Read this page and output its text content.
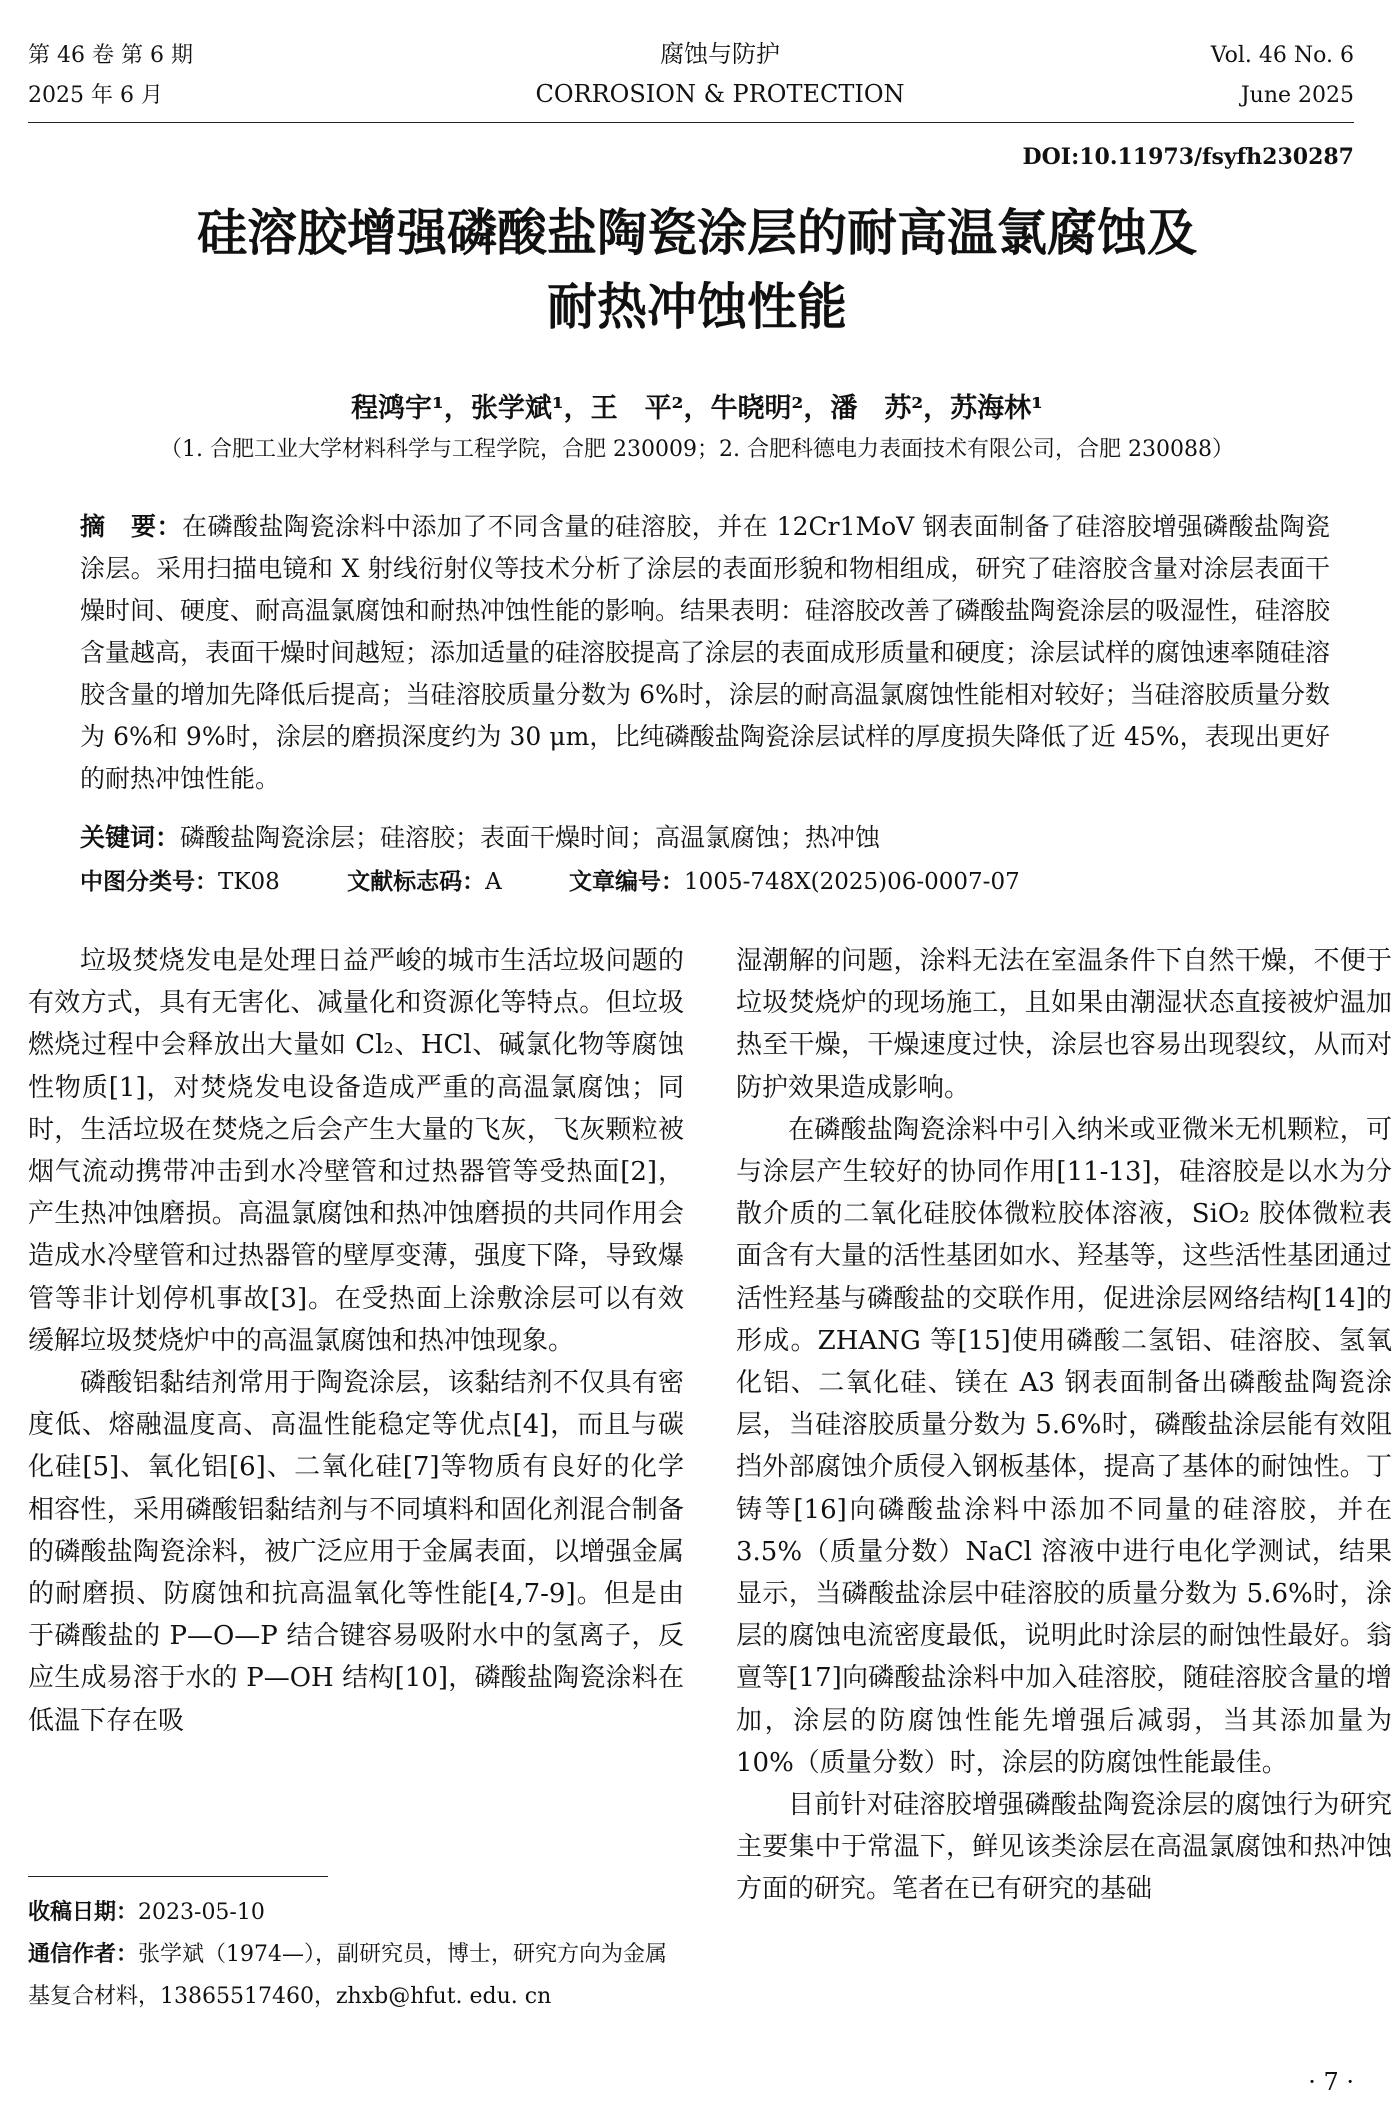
第 46 卷 第 6 期
2025 年 6 月
腐蚀与防护
CORROSION & PROTECTION
Vol. 46 No. 6
June 2025
DOI:10.11973/fsyfh230287
硅溶胶增强磷酸盐陶瓷涂层的耐高温氯腐蚀及
耐热冲蚀性能
程鸿宇¹，张学斌¹，王　平²，牛晓明²，潘　苏²，苏海林¹
（1. 合肥工业大学材料科学与工程学院，合肥 230009；2. 合肥科德电力表面技术有限公司，合肥 230088）
摘　要：在磷酸盐陶瓷涂料中添加了不同含量的硅溶胶，并在 12Cr1MoV 钢表面制备了硅溶胶增强磷酸盐陶瓷涂层。采用扫描电镜和 X 射线衍射仪等技术分析了涂层的表面形貌和物相组成，研究了硅溶胶含量对涂层表面干燥时间、硬度、耐高温氯腐蚀和耐热冲蚀性能的影响。结果表明：硅溶胶改善了磷酸盐陶瓷涂层的吸湿性，硅溶胶含量越高，表面干燥时间越短；添加适量的硅溶胶提高了涂层的表面成形质量和硬度；涂层试样的腐蚀速率随硅溶胶含量的增加先降低后提高；当硅溶胶质量分数为 6%时，涂层的耐高温氯腐蚀性能相对较好；当硅溶胶质量分数为 6%和 9%时，涂层的磨损深度约为 30 μm，比纯磷酸盐陶瓷涂层试样的厚度损失降低了近 45%，表现出更好的耐热冲蚀性能。
关键词：磷酸盐陶瓷涂层；硅溶胶；表面干燥时间；高温氯腐蚀；热冲蚀
中图分类号：TK08	文献标志码：A	文章编号：1005-748X(2025)06-0007-07

垃圾焚烧发电是处理日益严峻的城市生活垃圾问题的有效方式，具有无害化、减量化和资源化等特点。但垃圾燃烧过程中会释放出大量如 Cl₂、HCl、碱氯化物等腐蚀性物质[1]，对焚烧发电设备造成严重的高温氯腐蚀；同时，生活垃圾在焚烧之后会产生大量的飞灰，飞灰颗粒被烟气流动携带冲击到水冷壁管和过热器管等受热面[2]，产生热冲蚀磨损。高温氯腐蚀和热冲蚀磨损的共同作用会造成水冷壁管和过热器管的壁厚变薄，强度下降，导致爆管等非计划停机事故[3]。在受热面上涂敷涂层可以有效缓解垃圾焚烧炉中的高温氯腐蚀和热冲蚀现象。

磷酸铝黏结剂常用于陶瓷涂层，该黏结剂不仅具有密度低、熔融温度高、高温性能稳定等优点[4]，而且与碳化硅[5]、氧化铝[6]、二氧化硅[7]等物质有良好的化学相容性，采用磷酸铝黏结剂与不同填料和固化剂混合制备的磷酸盐陶瓷涂料，被广泛应用于金属表面，以增强金属的耐磨损、防腐蚀和抗高温氧化等性能[4,7-9]。但是由于磷酸盐的 P—O—P 结合键容易吸附水中的氢离子，反应生成易溶于水的 P—OH 结构[10]，磷酸盐陶瓷涂料在低温下存在吸

湿潮解的问题，涂料无法在室温条件下自然干燥，不便于垃圾焚烧炉的现场施工，且如果由潮湿状态直接被炉温加热至干燥，干燥速度过快，涂层也容易出现裂纹，从而对防护效果造成影响。

在磷酸盐陶瓷涂料中引入纳米或亚微米无机颗粒，可与涂层产生较好的协同作用[11-13]，硅溶胶是以水为分散介质的二氧化硅胶体微粒胶体溶液，SiO₂ 胶体微粒表面含有大量的活性基团如水、羟基等，这些活性基团通过活性羟基与磷酸盐的交联作用，促进涂层网络结构[14]的形成。ZHANG 等[15]使用磷酸二氢铝、硅溶胶、氢氧化铝、二氧化硅、镁在 A3 钢表面制备出磷酸盐陶瓷涂层，当硅溶胶质量分数为 5.6%时，磷酸盐涂层能有效阻挡外部腐蚀介质侵入钢板基体，提高了基体的耐蚀性。丁铸等[16]向磷酸盐涂料中添加不同量的硅溶胶，并在 3.5%（质量分数）NaCl 溶液中进行电化学测试，结果显示，当磷酸盐涂层中硅溶胶的质量分数为 5.6%时，涂层的腐蚀电流密度最低，说明此时涂层的耐蚀性最好。翁亶等[17]向磷酸盐涂料中加入硅溶胶，随硅溶胶含量的增加，涂层的防腐蚀性能先增强后减弱，当其添加量为 10%（质量分数）时，涂层的防腐蚀性能最佳。

目前针对硅溶胶增强磷酸盐陶瓷涂层的腐蚀行为研究主要集中于常温下，鲜见该类涂层在高温氯腐蚀和热冲蚀方面的研究。笔者在已有研究的基础

收稿日期：2023-05-10

通信作者：张学斌（1974—），副研究员，博士，研究方向为金属基复合材料，13865517460，zhxb@hfut. edu. cn

· 7 ·
